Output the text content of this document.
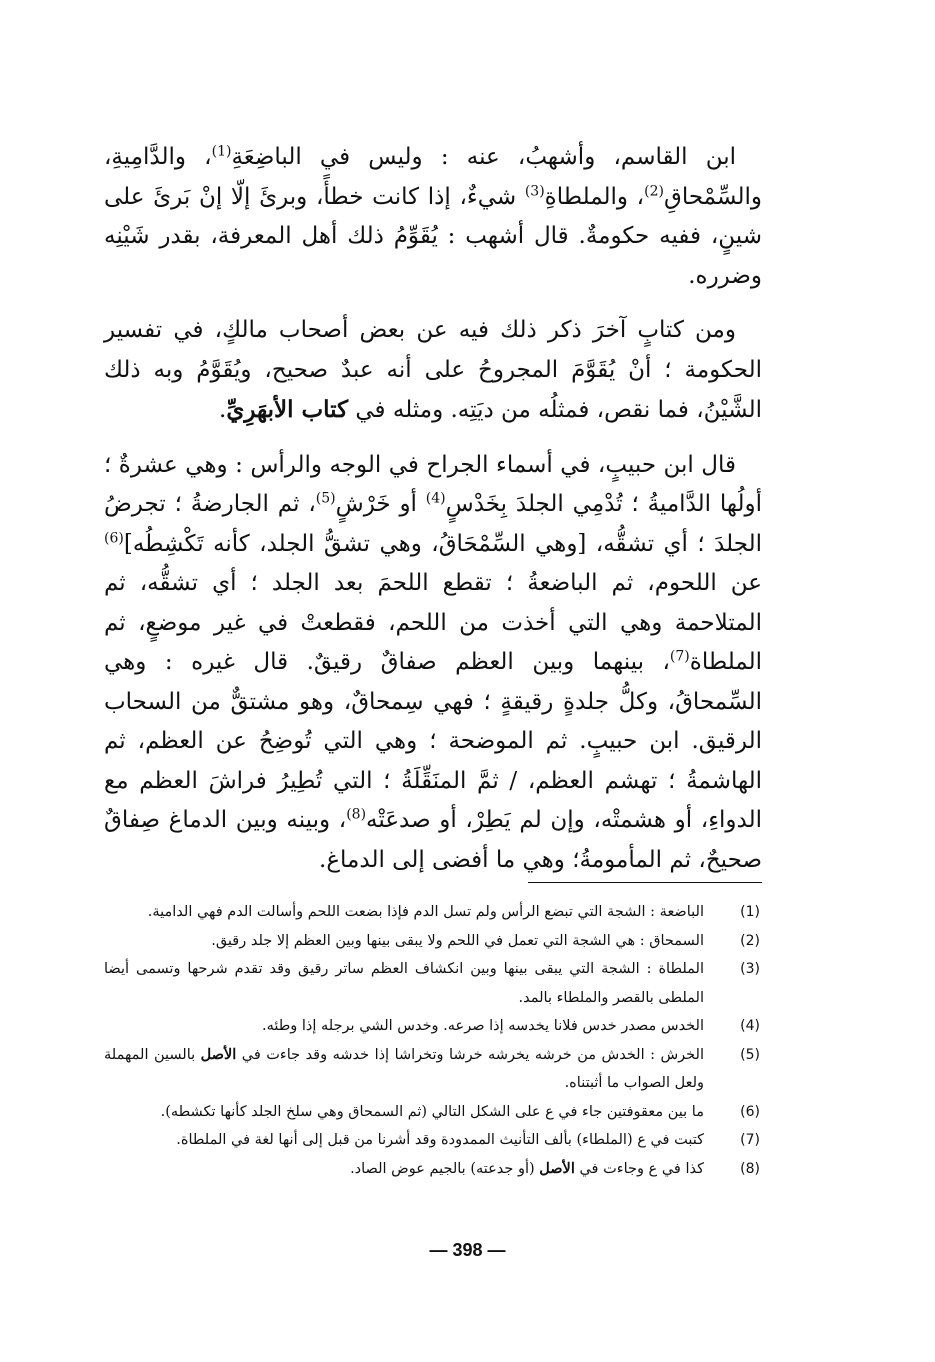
ابن القاسم، وأشهبُ، عنه : وليس في الباضِعَةِ$^{(1)}$، والدَّامِيةِ، والسِّمْحاقِ$^{(2)}$، والملطاةِ$^{(3)}$ شيءٌ، إذا كانت خطأً، وبرئَ إلّا إنْ بَرئَ على شينٍ، ففيه حكومةٌ. قال أشهب : يُقَوِّمُ ذلك أهل المعرفة، بقدر شَيْنِه وضرره.

ومن كتابٍ آخرَ ذكر ذلك فيه عن بعض أصحاب مالكٍ، في تفسير الحكومة ؛ أنْ يُقَوَّمَ المجروحُ على أنه عبدٌ صحيح، ويُقَوَّمُ وبه ذلك الشَّيْنُ، فما نقص، فمثلُه من ديَتِه. ومثله في كتاب الأبهَرِيِّ.

قال ابن حبيبٍ، في أسماء الجراح في الوجه والرأس : وهي عشرةٌ ؛ أولُها الدَّاميةُ ؛ تُدْمِي الجلدَ بِخَدْسٍ$^{(4)}$ أو خَرْشٍ$^{(5)}$، ثم الجارضةُ ؛ تجرضُ الجلدَ ؛ أي تشقُّه، [وهي السِّمْحَاقُ، وهي تشقُّ الجلد، كأنه تَكْشِطُه]$^{(6)}$ عن اللحوم، ثم الباضعةُ ؛ تقطع اللحمَ بعد الجلد ؛ أي تشقُّه، ثم المتلاحمة وهي التي أخذت من اللحم، فقطعتْ في غير موضعٍ، ثم الملطاة$^{(7)}$، بينهما وبين العظم صفاقٌ رقيقٌ. قال غيره : وهي السِّمحاقُ، وكلُّ جلدةٍ رقيقةٍ ؛ فهي سِمحاقٌ، وهو مشتقٌّ من السحاب الرقيق. ابن حبيبٍ. ثم الموضحة ؛ وهي التي تُوضِحُ عن العظم، ثم الهاشمةُ ؛ تهشم العظم، / ثمَّ المنَقِّلَةُ ؛ التي تُطِيرُ فراشَ العظم مع الدواءِ، أو هشمتْه، وإن لم يَطِرْ، أو صدعَتْه$^{(8)}$، وبينه وبين الدماغ صِفاقٌ صحيحٌ، ثم المأمومةُ؛ وهي ما أفضى إلى الدماغ.

(1)
الباضعة : الشجة التي تبضع الرأس ولم تسل الدم فإذا بضعت اللحم وأسالت الدم فهي الدامية.
(2)
السمحاق : هي الشجة التي تعمل في اللحم ولا يبقى بينها وبين العظم إلا جلد رقيق.
(3)
الملطاة : الشجة التي يبقى بينها وبين انكشاف العظم ساتر رقيق وقد تقدم شرحها وتسمى أيضا الملطى بالقصر والملطاء بالمد.
(4)
الخدس مصدر خدس فلانا يخدسه إذا صرعه. وخدس الشي برجله إذا وطئه.
(5)
الخرش : الخدش من خرشه يخرشه خرشا وتخراشا إذا خدشه وقد جاءت في الأصل بالسين المهملة ولعل الصواب ما أثبتناه.
(6)
ما بين معقوفتين جاء في ع على الشكل التالي (ثم السمحاق وهي سلخ الجلد كأنها تكشطه).
(7)
كتبت في ع (الملطاء) بألف التأنيث الممدودة وقد أشرنا من قبل إلى أنها لغة في الملطاة.
(8)
كذا في ع وجاءت في الأصل (أو جدعته) بالجيم عوض الصاد.
— 398 —
